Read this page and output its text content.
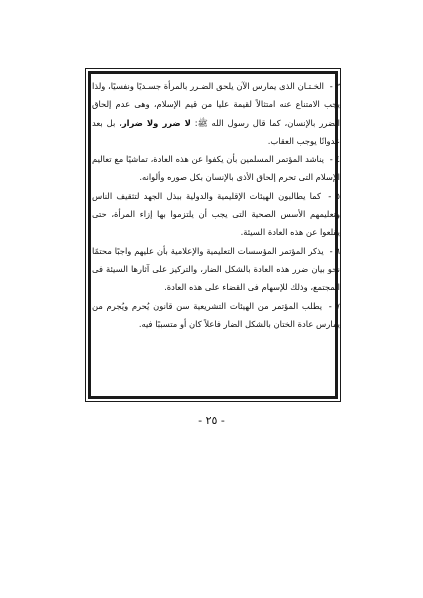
٣ - الخـتـان الذى يمارس الآن يلحق الضـرر بالمرأة جسـديًا ونفسيًا، ولذا يجب الامتناع عنه امتثالاً لقيمة عليا من قيم الإسلام، وهى عدم إلحاق الضرر بالإنسان، كما قال رسول الله ﷺ: لا ضرر ولا ضرار، بل بعد عدوانًا يوجب العقاب.

٤ - يناشد المؤتمر المسلمين بأن يكفوا عن هذه العادة، تماشيًا مع تعاليم الإسلام التى تحرم إلحاق الأذى بالإنسان بكل صوره وألوانه.

٥ - كما يطالبون الهيئات الإقليمية والدولية ببذل الجهد لتثقيف الناس وتعليمهم الأسس الصحية التى يجب أن يلتزموا بها إزاء المرأة، حتى يقلعوا عن هذه العادة السيئة.

٦ - يذكر المؤتمر المؤسسات التعليمية والإعلامية بأن عليهم واجبًا محتمًا نحو بيان ضرر هذه العادة بالشكل الضار، والتركيز على آثارها السيئة فى المجتمع، وذلك للإسهام فى القضاء على هذه العادة.

٧ - يطلب المؤتمر من الهيئات التشريعية سن قانون يُحرم ويُجرم من يمارس عادة الختان بالشكل الضار فاعلاً كان أو متسببًا فيه.

- ٢٥ -
